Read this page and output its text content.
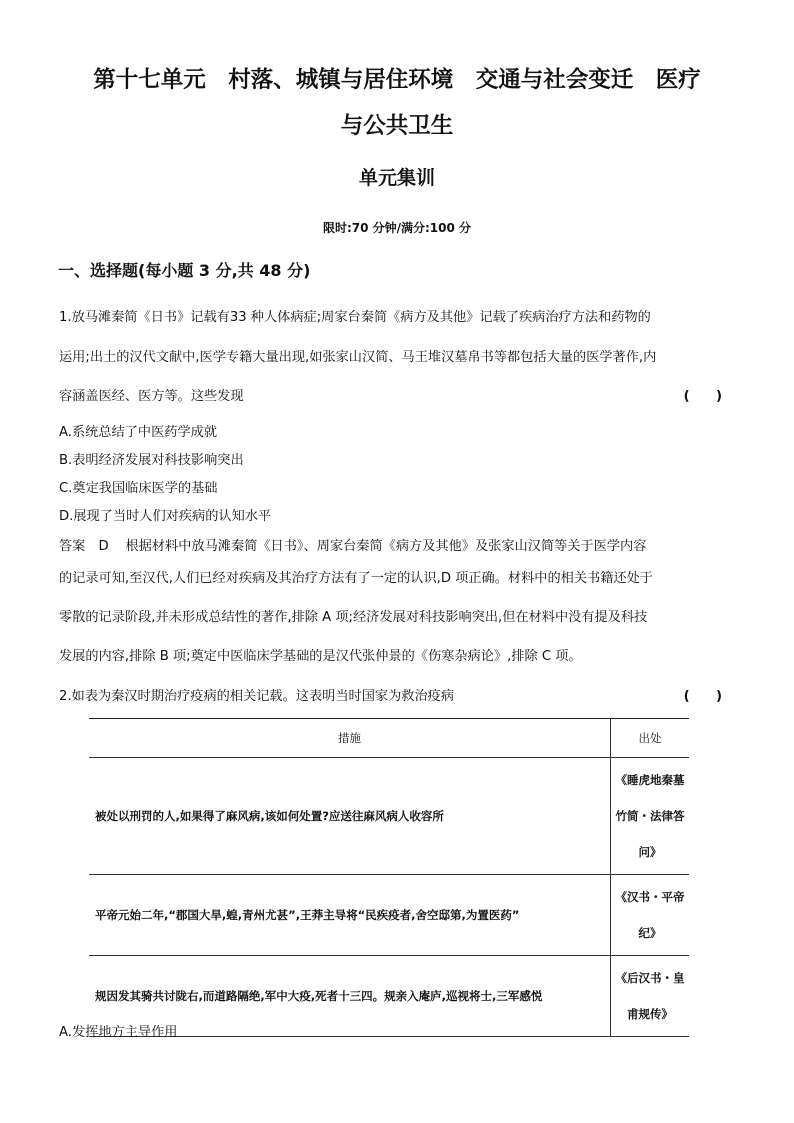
第十七单元　村落、城镇与居住环境　交通与社会变迁　医疗
与公共卫生
单元集训
限时:70 分钟/满分:100 分
一、选择题(每小题 3 分,共 48 分)
1.放马滩秦简《日书》记载有33 种人体病症;周家台秦简《病方及其他》记载了疾病治疗方法和药物的
运用;出土的汉代文献中,医学专籍大量出现,如张家山汉简、马王堆汉墓帛书等都包括大量的医学著作,内
容涵盖医经、医方等。这些发现	(　　)
A.系统总结了中医药学成就
B.表明经济发展对科技影响突出
C.奠定我国临床医学的基础
D.展现了当时人们对疾病的认知水平
答案　D 根据材料中放马滩秦简《日书》、周家台秦简《病方及其他》及张家山汉简等关于医学内容
的记录可知,至汉代,人们已经对疾病及其治疗方法有了一定的认识,D 项正确。材料中的相关书籍还处于
零散的记录阶段,并未形成总结性的著作,排除 A 项;经济发展对科技影响突出,但在材料中没有提及科技
发展的内容,排除 B 项;奠定中医临床学基础的是汉代张仲景的《伤寒杂病论》,排除 C 项。
2.如表为秦汉时期治疗疫病的相关记载。这表明当时国家为救治疫病	(　　)
措施	出处
被处以刑罚的人,如果得了麻风病,该如何处置?应送往麻风病人收容所	《睡虎地秦墓竹简・法律答问》
平帝元始二年,“郡国大旱,蝗,青州尤甚”,王莽主导将“民疾疫者,舍空邸第,为置医药”	《汉书・平帝纪》
规因发其骑共讨陇右,而道路隔绝,军中大疫,死者十三四。规亲入庵庐,巡视将士,三军感悦	《后汉书・皇甫规传》
A.发挥地方主导作用
